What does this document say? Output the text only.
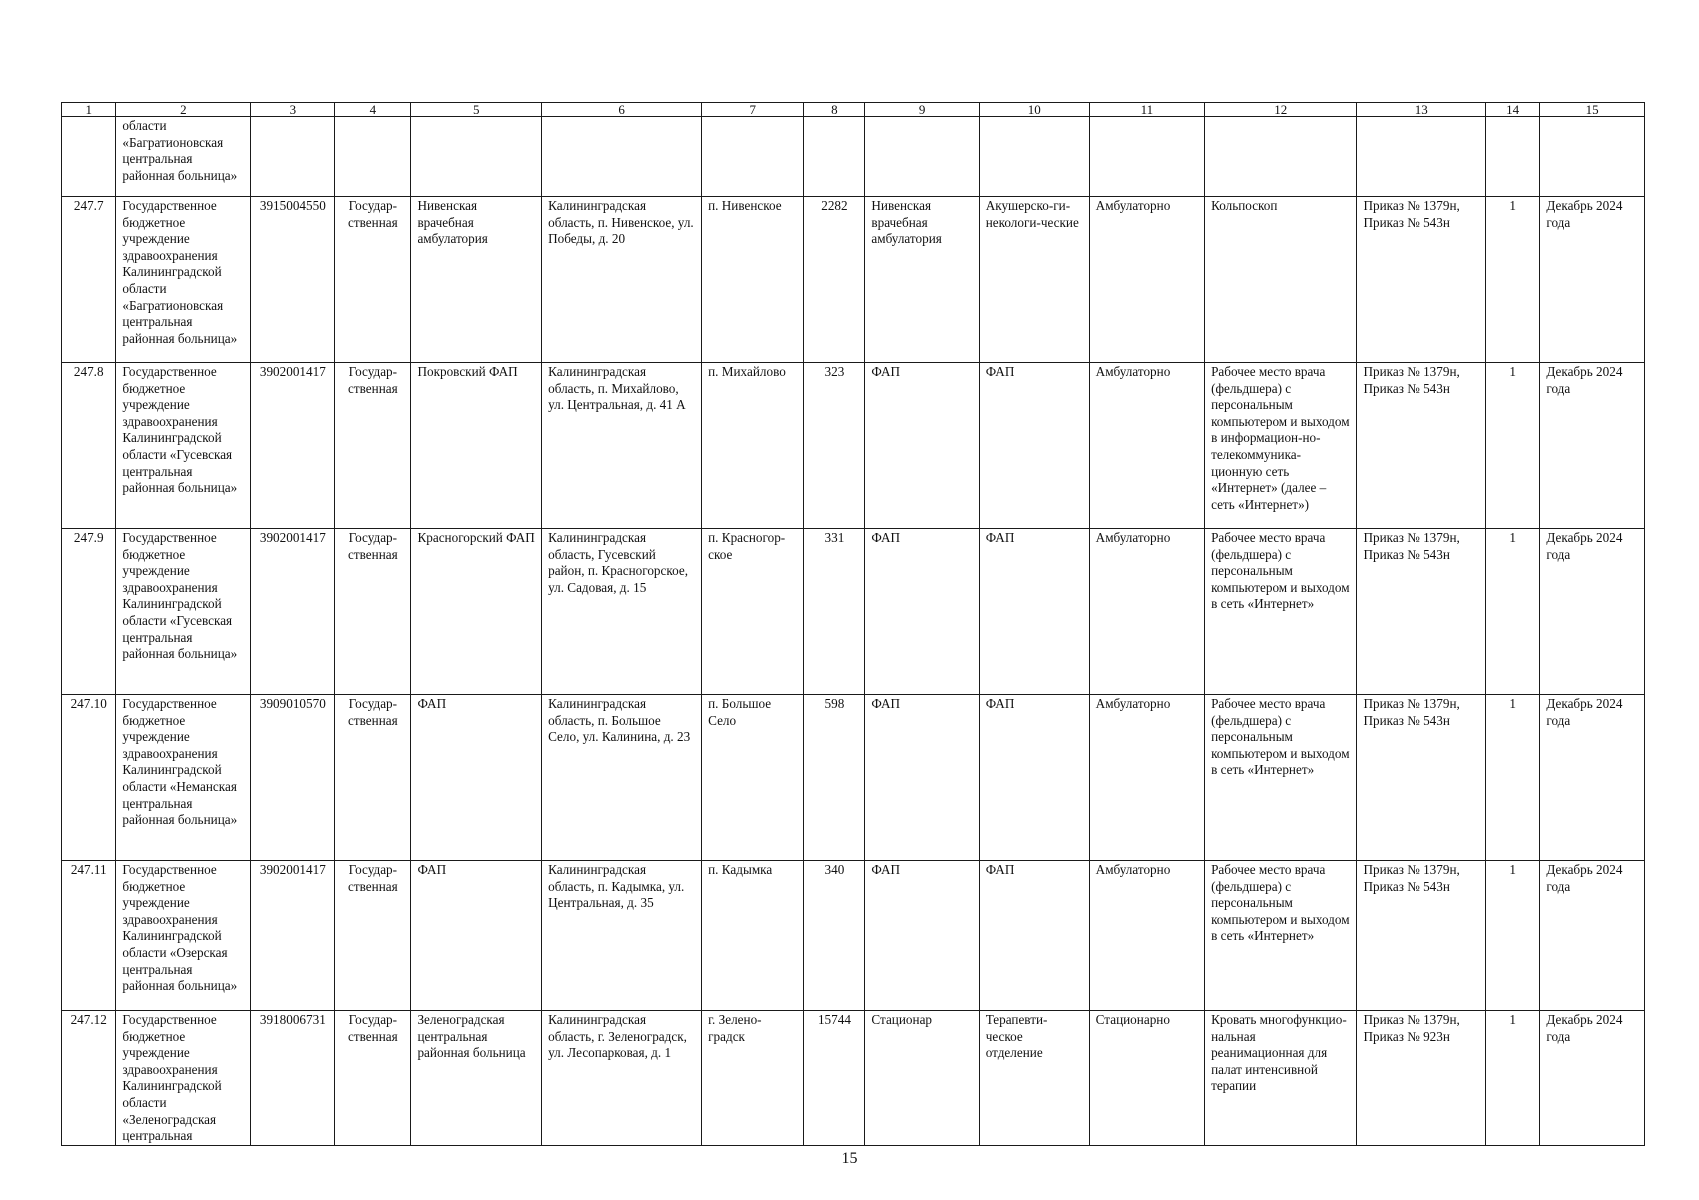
1	2	3	4	5	6	7	8	9	10	11	12	13	14	15
	области «Багратионовская центральная районная больница»													
247.7	Государственное бюджетное учреждение здравоохранения Калининградской области «Багратионовская центральная районная больница»	3915004550	Государ-ственная	Нивенская врачебная амбулатория	Калининградская область, п. Нивенское, ул. Победы, д. 20	п. Нивенское	2282	Нивенская врачебная амбулатория	Акушерско-ги-некологи-ческие	Амбулаторно	Кольпоскоп	Приказ № 1379н, Приказ № 543н	1	Декабрь 2024 года
247.8	Государственное бюджетное учреждение здравоохранения Калининградской области «Гусевская центральная районная больница»	3902001417	Государ-ственная	Покровский ФАП	Калининградская область, п. Михайлово, ул. Центральная, д. 41 А	п. Михайлово	323	ФАП	ФАП	Амбулаторно	Рабочее место врача (фельдшера) с персональным компьютером и выходом в информацион-но-телекоммуника-ционную сеть «Интернет» (далее – сеть «Интернет»)	Приказ № 1379н, Приказ № 543н	1	Декабрь 2024 года
247.9	Государственное бюджетное учреждение здравоохранения Калининградской области «Гусевская центральная районная больница»	3902001417	Государ-ственная	Красногорский ФАП	Калининградская область, Гусевский район, п. Красногорское, ул. Садовая, д. 15	п. Красногор-ское	331	ФАП	ФАП	Амбулаторно	Рабочее место врача (фельдшера) с персональным компьютером и выходом в сеть «Интернет»	Приказ № 1379н, Приказ № 543н	1	Декабрь 2024 года
247.10	Государственное бюджетное учреждение здравоохранения Калининградской области «Неманская центральная районная больница»	3909010570	Государ-ственная	ФАП	Калининградская область, п. Большое Село, ул. Калинина, д. 23	п. Большое Село	598	ФАП	ФАП	Амбулаторно	Рабочее место врача (фельдшера) с персональным компьютером и выходом в сеть «Интернет»	Приказ № 1379н, Приказ № 543н	1	Декабрь 2024 года
247.11	Государственное бюджетное учреждение здравоохранения Калининградской области «Озерская центральная районная больница»	3902001417	Государ-ственная	ФАП	Калининградская область, п. Кадымка, ул. Центральная, д. 35	п. Кадымка	340	ФАП	ФАП	Амбулаторно	Рабочее место врача (фельдшера) с персональным компьютером и выходом в сеть «Интернет»	Приказ № 1379н, Приказ № 543н	1	Декабрь 2024 года
247.12	Государственное бюджетное учреждение здравоохранения Калининградской области «Зеленоградская центральная	3918006731	Государ-ственная	Зеленоградская центральная районная больница	Калининградская область, г. Зеленоградск, ул. Лесопарковая, д. 1	г. Зелено-градск	15744	Стационар	Терапевти-ческое отделение	Стационарно	Кровать многофункцио-нальная реанимационная для палат интенсивной терапии	Приказ № 1379н, Приказ № 923н	1	Декабрь 2024 года
15
